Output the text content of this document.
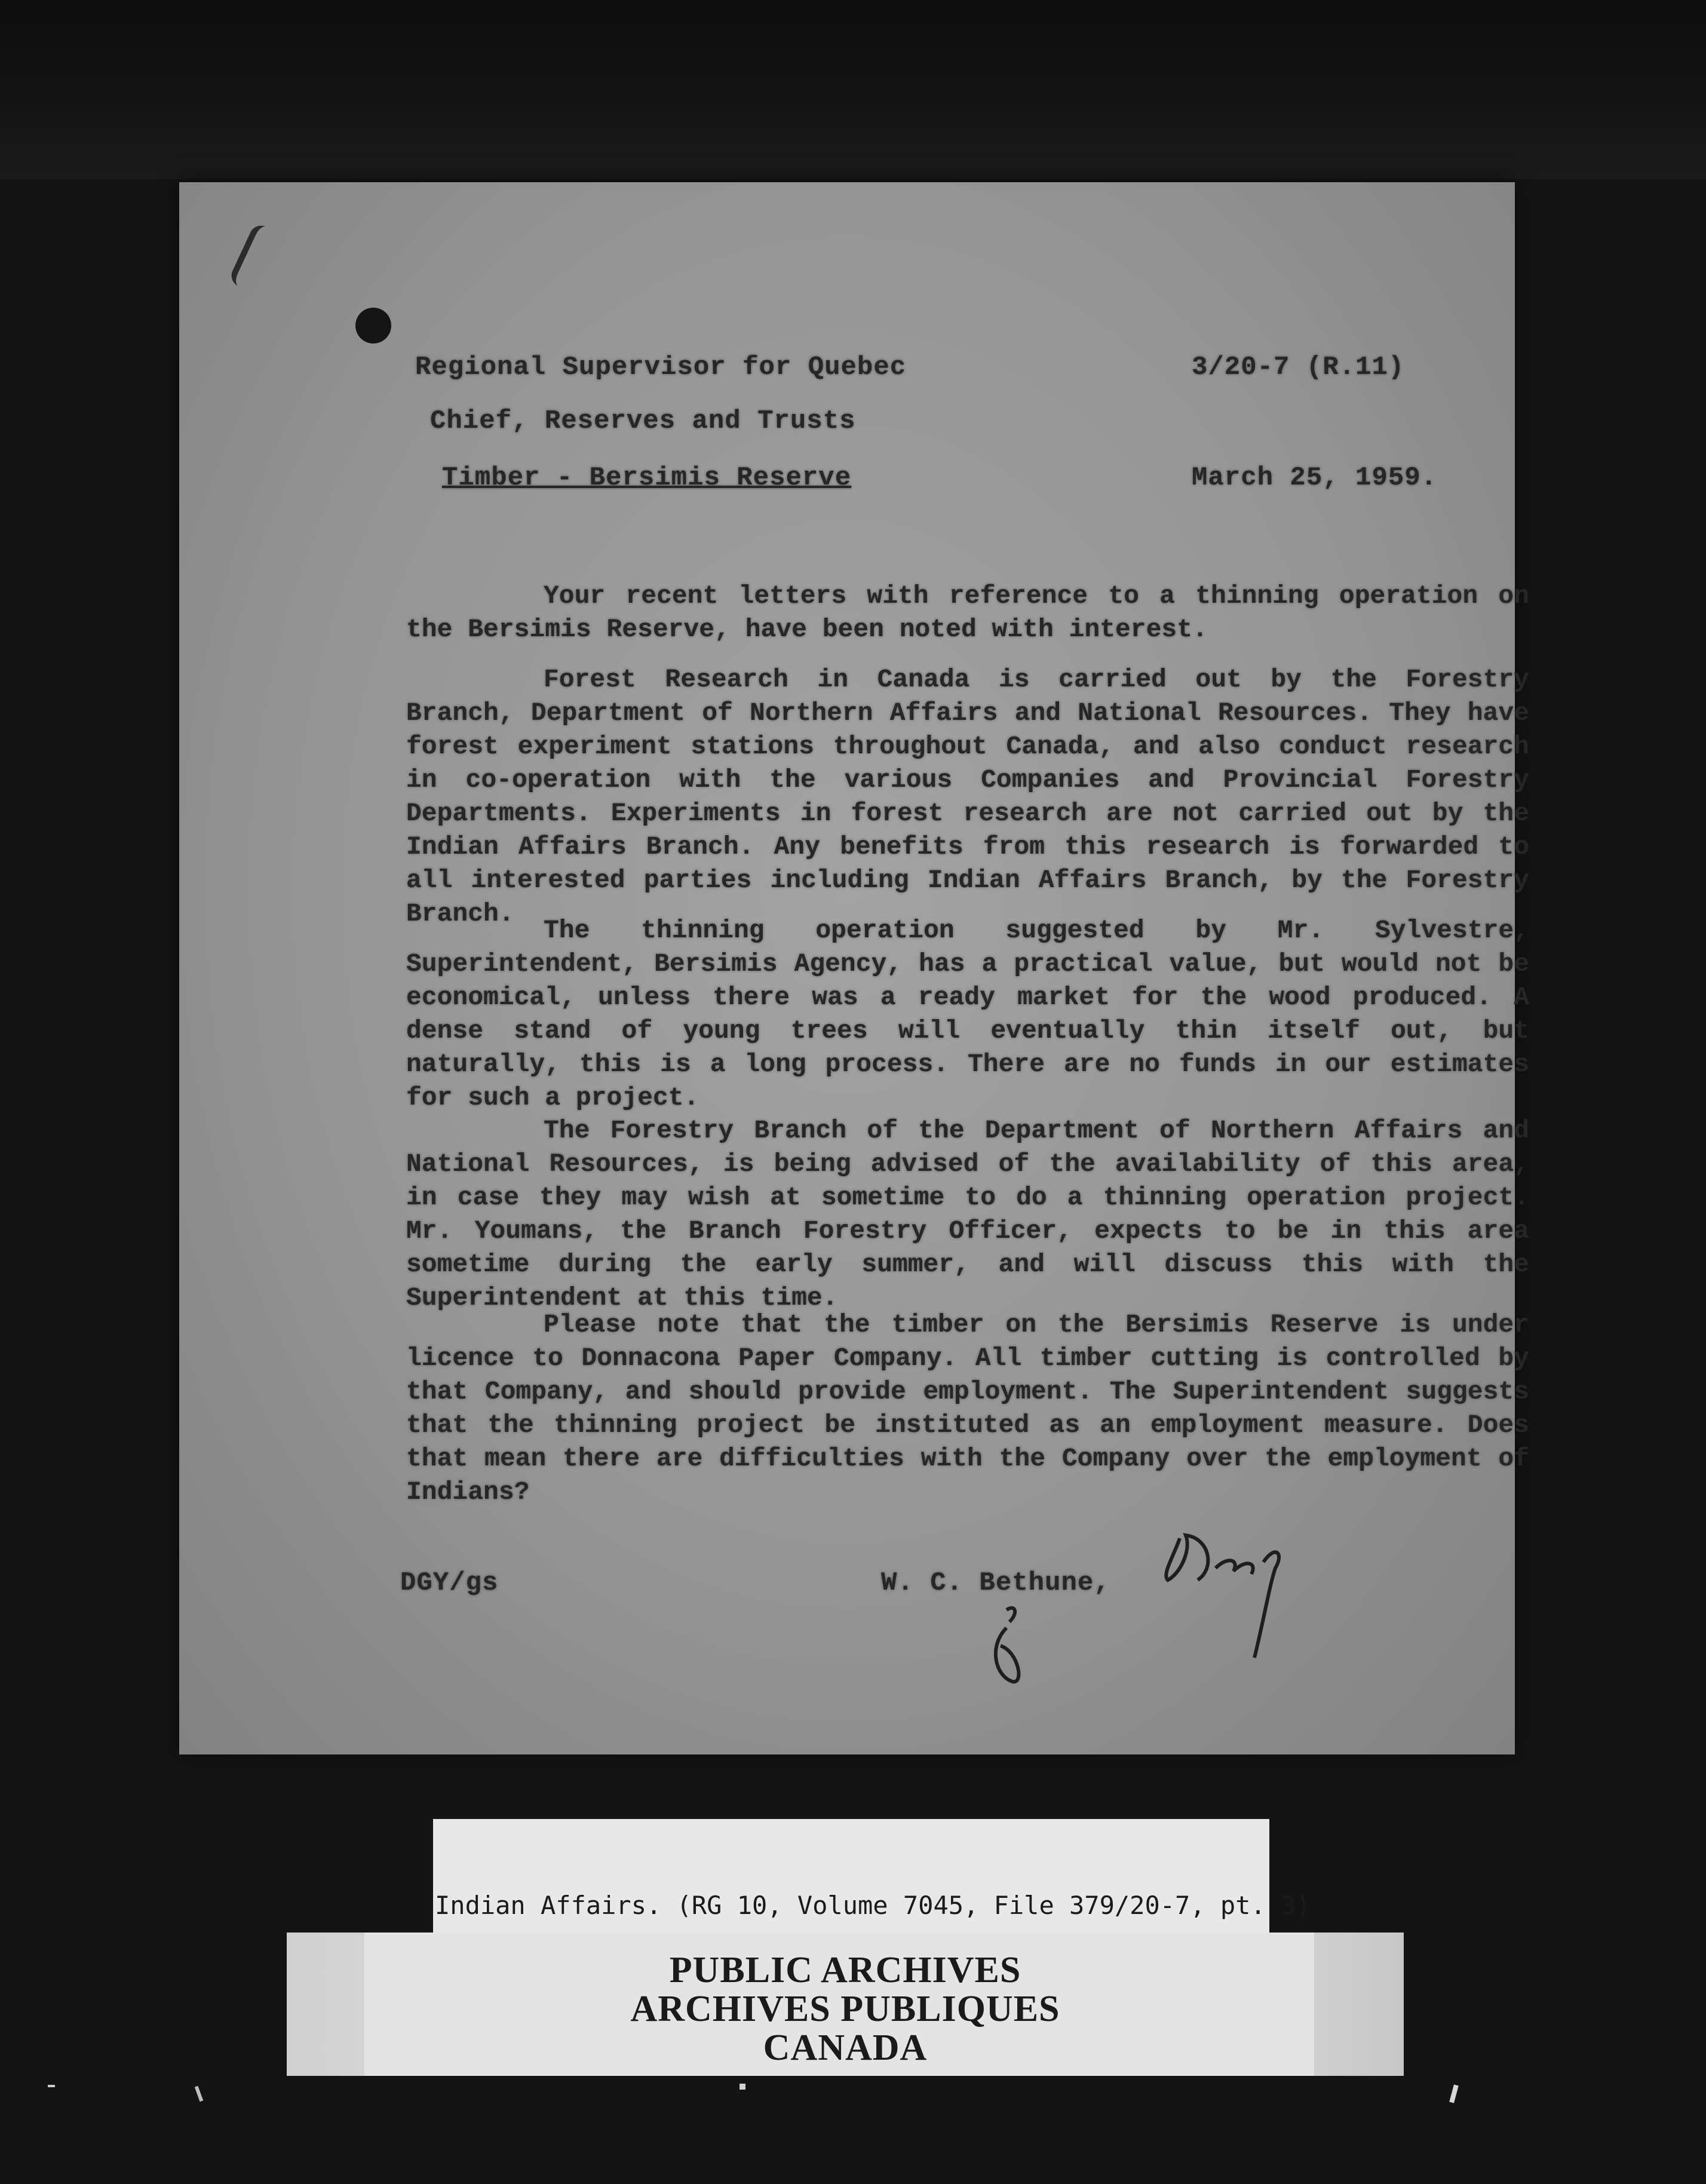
Regional Supervisor for Quebec	3/20-7 (R.11)
Chief, Reserves and Trusts
Timber - Bersimis Reserve	March 25, 1959.
Your recent letters with reference to a thinning operation on the Bersimis Reserve, have been noted with interest.
Forest Research in Canada is carried out by the Forestry Branch, Department of Northern Affairs and National Resources. They have forest experiment stations throughout Canada, and also conduct research in co-operation with the various Companies and Provincial Forestry Departments. Experiments in forest research are not carried out by the Indian Affairs Branch. Any benefits from this research is forwarded to all interested parties including Indian Affairs Branch, by the Forestry Branch.
The thinning operation suggested by Mr. Sylvestre, Superintendent, Bersimis Agency, has a practical value, but would not be economical, unless there was a ready market for the wood produced. A dense stand of young trees will eventually thin itself out, but naturally, this is a long process. There are no funds in our estimates for such a project.
The Forestry Branch of the Department of Northern Affairs and National Resources, is being advised of the availability of this area, in case they may wish at sometime to do a thinning operation project. Mr. Youmans, the Branch Forestry Officer, expects to be in this area sometime during the early summer, and will discuss this with the Superintendent at this time.
Please note that the timber on the Bersimis Reserve is under licence to Donnacona Paper Company. All timber cutting is controlled by that Company, and should provide employment. The Superintendent suggests that the thinning project be instituted as an employment measure. Does that mean there are difficulties with the Company over the employment of Indians?
DGY/gs	W. C. Bethune,
Indian Affairs. (RG 10, Volume 7045, File 379/20-7, pt. 3)
PUBLIC ARCHIVES
ARCHIVES PUBLIQUES
CANADA
